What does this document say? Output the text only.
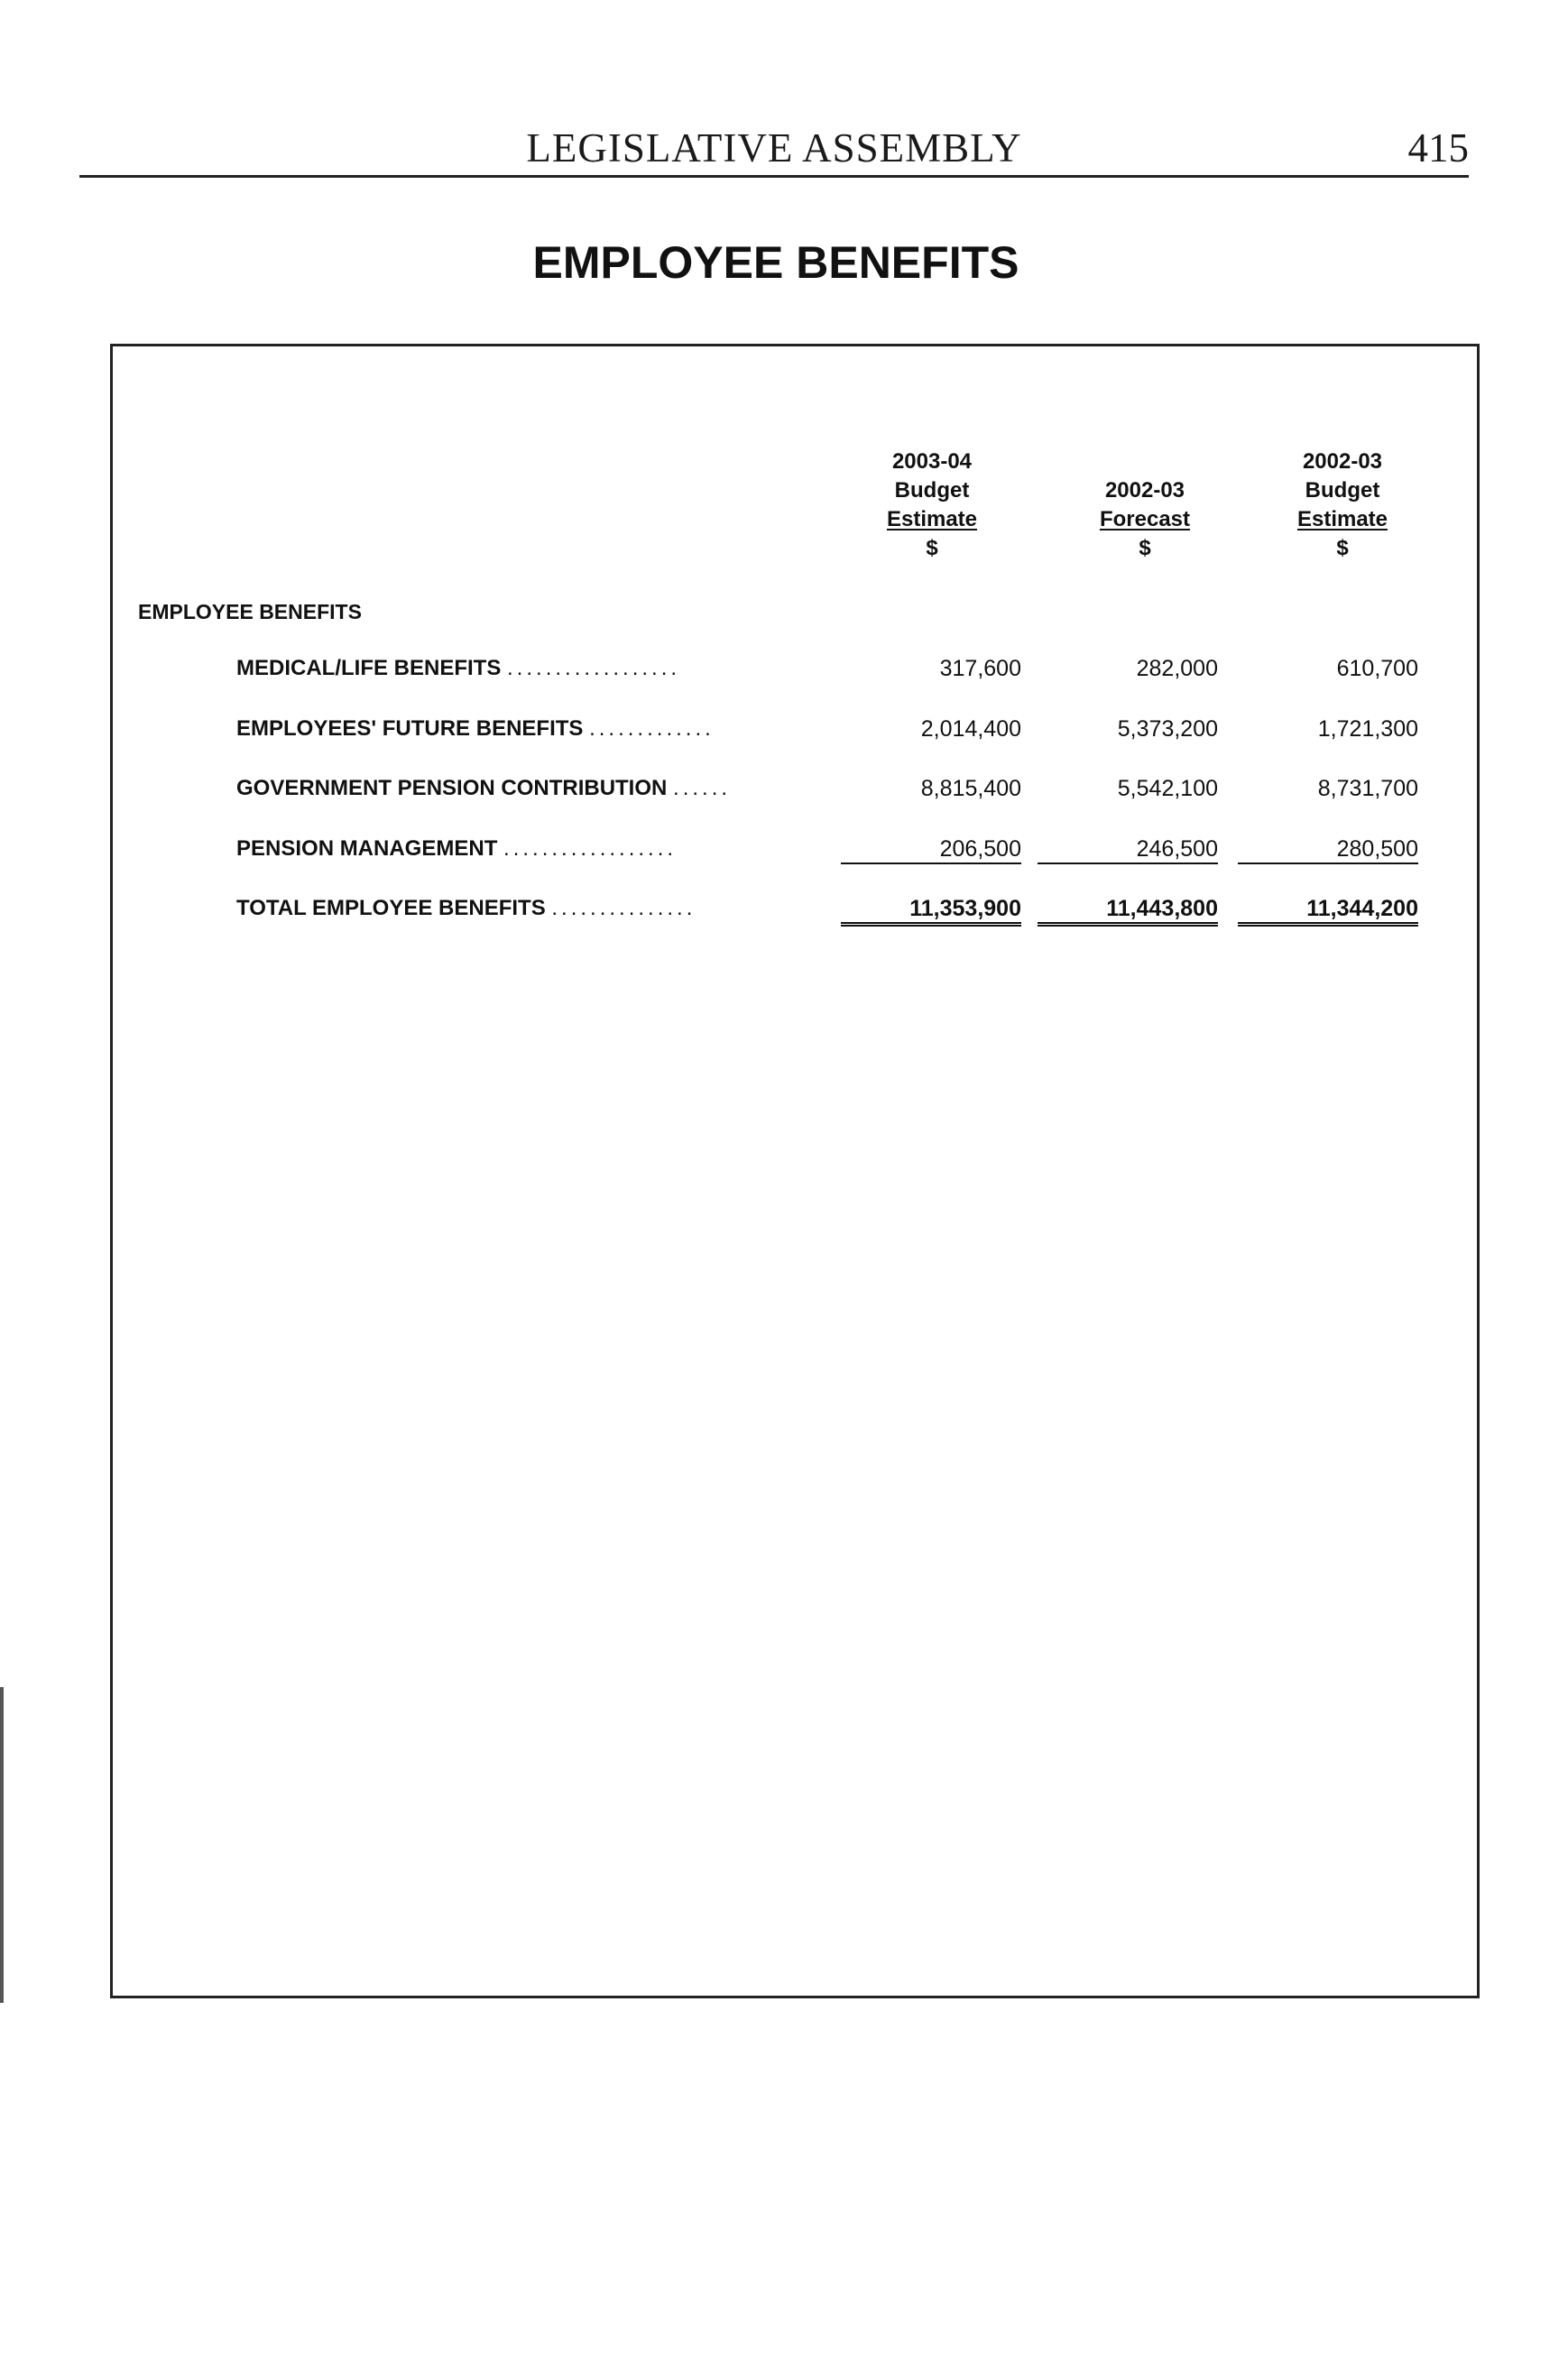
LEGISLATIVE ASSEMBLY	415
EMPLOYEE BENEFITS
2003-04
Budget
Estimate
$
2002-03
Forecast
$
2002-03
Budget
Estimate
$
EMPLOYEE BENEFITS
MEDICAL/LIFE BENEFITS ..................	317,600	282,000	610,700
EMPLOYEES' FUTURE BENEFITS .............	2,014,400	5,373,200	1,721,300
GOVERNMENT PENSION CONTRIBUTION ......	8,815,400	5,542,100	8,731,700
PENSION MANAGEMENT ..................	206,500	246,500	280,500
TOTAL EMPLOYEE BENEFITS ...............	11,353,900	11,443,800	11,344,200
